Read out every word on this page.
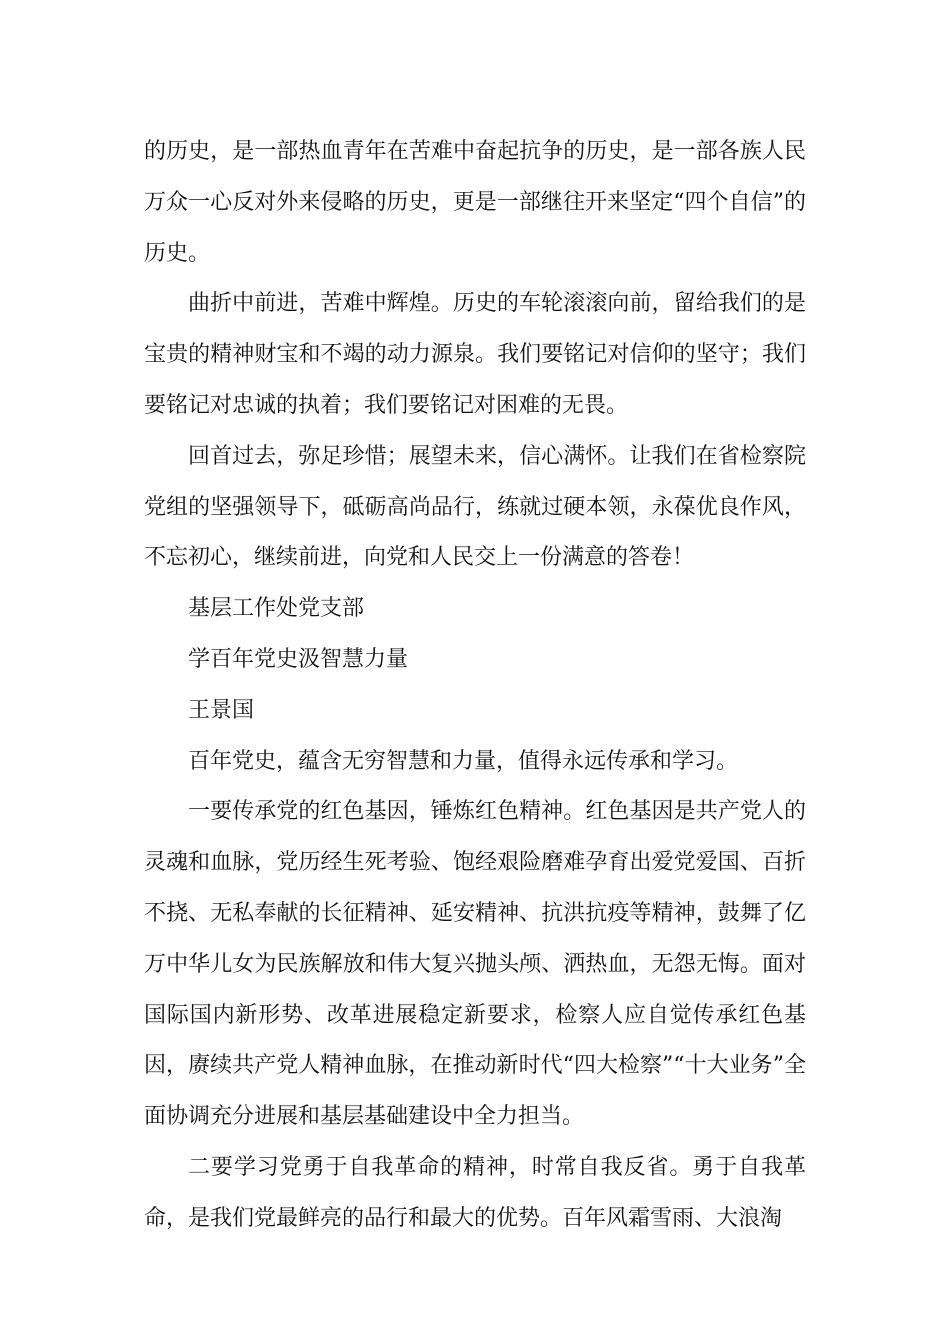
的历史，是一部热血青年在苦难中奋起抗争的历史，是一部各族人民万众一心反对外来侵略的历史，更是一部继往开来坚定“四个自信”的历史。

曲折中前进，苦难中辉煌。历史的车轮滚滚向前，留给我们的是宝贵的精神财宝和不竭的动力源泉。我们要铭记对信仰的坚守；我们要铭记对忠诚的执着；我们要铭记对困难的无畏。

回首过去，弥足珍惜；展望未来，信心满怀。让我们在省检察院党组的坚强领导下，砥砺高尚品行，练就过硬本领，永葆优良作风，不忘初心，继续前进，向党和人民交上一份满意的答卷！

基层工作处党支部

学百年党史汲智慧力量

王景国

百年党史，蕴含无穷智慧和力量，值得永远传承和学习。

一要传承党的红色基因，锤炼红色精神。红色基因是共产党人的灵魂和血脉，党历经生死考验、饱经艰险磨难孕育出爱党爱国、百折不挠、无私奉献的长征精神、延安精神、抗洪抗疫等精神，鼓舞了亿万中华儿女为民族解放和伟大复兴抛头颅、洒热血，无怨无悔。面对国际国内新形势、改革进展稳定新要求，检察人应自觉传承红色基因，赓续共产党人精神血脉，在推动新时代“四大检察”“十大业务”全面协调充分进展和基层基础建设中全力担当。

二要学习党勇于自我革命的精神，时常自我反省。勇于自我革命，是我们党最鲜亮的品行和最大的优势。百年风霜雪雨、大浪淘
